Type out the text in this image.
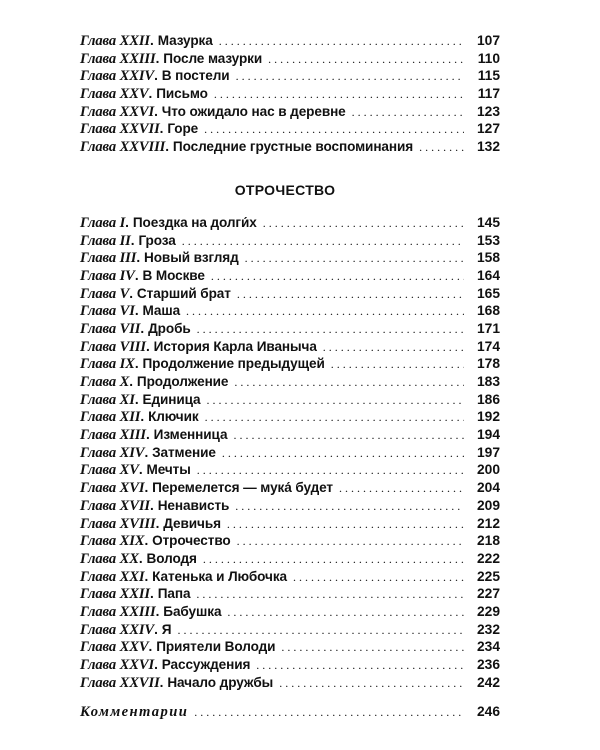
Глава XXII. Мазурка . . .	107
Глава XXIII. После мазурки . . .	110
Глава XXIV. В постели . . .	115
Глава XXV. Письмо . . .	117
Глава XXVI. Что ожидало нас в деревне . . .	123
Глава XXVII. Горе . . .	127
Глава XXVIII. Последние грустные воспоминания . . .	132
ОТРОЧЕСТВО
Глава I. Поездка на долги́х . . .	145
Глава II. Гроза . . .	153
Глава III. Новый взгляд . . .	158
Глава IV. В Москве . . .	164
Глава V. Старший брат . . .	165
Глава VI. Маша . . .	168
Глава VII. Дробь . . .	171
Глава VIII. История Карла Иваныча . . .	174
Глава IX. Продолжение предыдущей . . .	178
Глава X. Продолжение . . .	183
Глава XI. Единица . . .	186
Глава XII. Ключик . . .	192
Глава XIII. Изменница . . .	194
Глава XIV. Затмение . . .	197
Глава XV. Мечты . . .	200
Глава XVI. Перемелется — мука́ будет . . .	204
Глава XVII. Ненависть . . .	209
Глава XVIII. Девичья . . .	212
Глава XIX. Отрочество . . .	218
Глава XX. Володя . . .	222
Глава XXI. Катенька и Любочка . . .	225
Глава XXII. Папа . . .	227
Глава XXIII. Бабушка . . .	229
Глава XXIV. Я . . .	232
Глава XXV. Приятели Володи . . .	234
Глава XXVI. Рассуждения . . .	236
Глава XXVII. Начало дружбы . . .	242
Комментарии . . .	246
